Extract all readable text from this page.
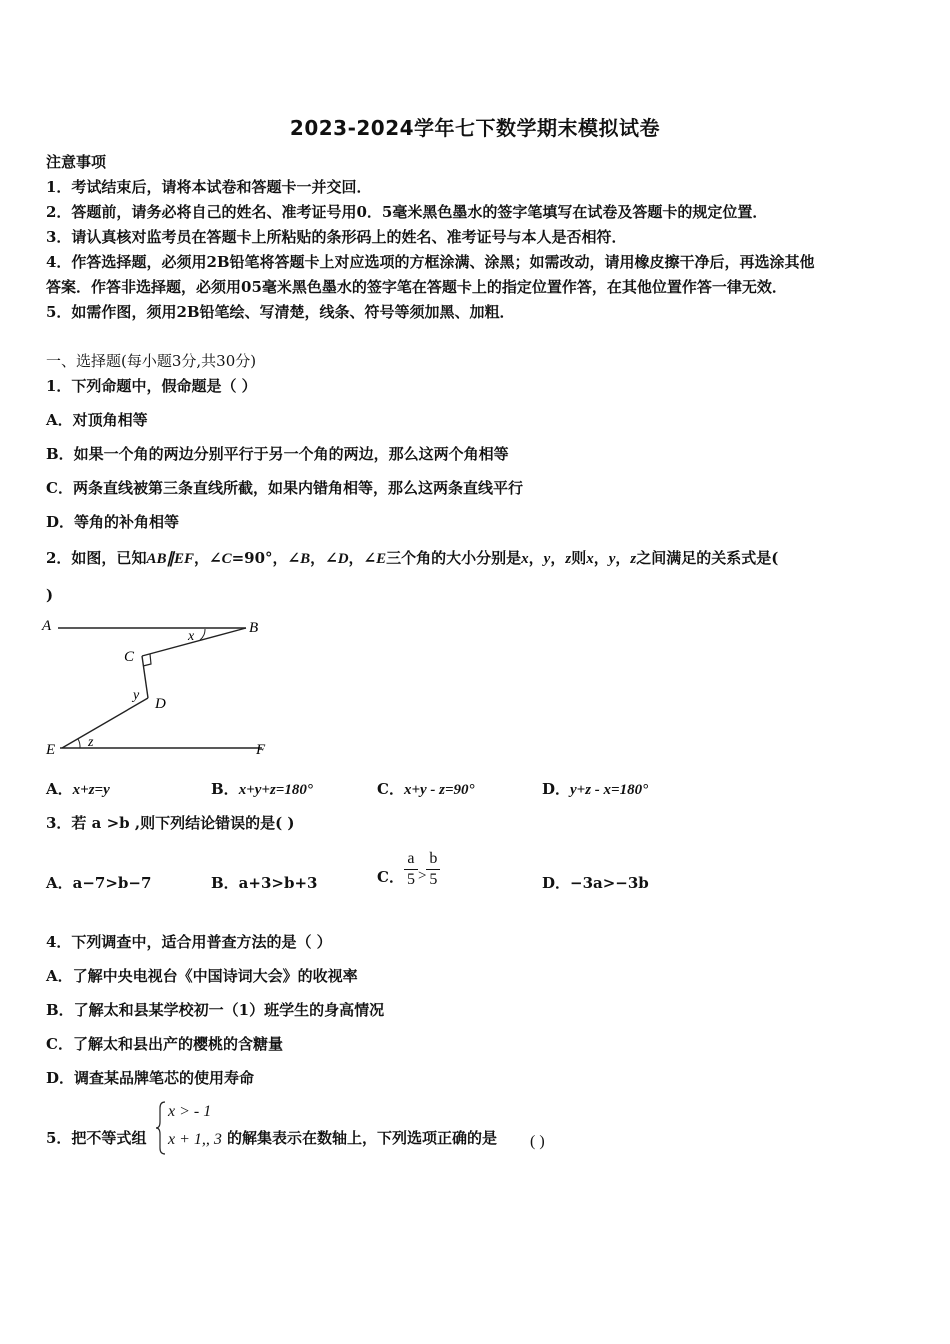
2023-2024学年七下数学期末模拟试卷
注意事项
1．考试结束后，请将本试卷和答题卡一并交回．
2．答题前，请务必将自己的姓名、准考证号用0．5毫米黑色墨水的签字笔填写在试卷及答题卡的规定位置．
3．请认真核对监考员在答题卡上所粘贴的条形码上的姓名、准考证号与本人是否相符．
4．作答选择题，必须用2B铅笔将答题卡上对应选项的方框涂满、涂黑；如需改动，请用橡皮擦干净后，再选涂其他
答案．作答非选择题，必须用05毫米黑色墨水的签字笔在答题卡上的指定位置作答，在其他位置作答一律无效．
5．如需作图，须用2B铅笔绘、写清楚，线条、符号等须加黑、加粗．
一、选择题(每小题3分,共30分)
1．下列命题中，假命题是（ ）
A．对顶角相等
B．如果一个角的两边分别平行于另一个角的两边，那么这两个角相等
C．两条直线被第三条直线所截，如果内错角相等，那么这两条直线平行
D．等角的补角相等
2．如图，已知AB∥EF，∠C=90°，∠B，∠D，∠E三个角的大小分别是x，y，z则x，y，z之间满足的关系式是(
)
A	B
C
D
E	F
x
y
z
A．x+z=y	B．x+y+z=180°	C．x+y - z=90°	D．y+z - x=180°
3．若 a >b ,则下列结论错误的是( )
A．a−7>b−7	B．a+3>b+3	C． $\frac{a}{5} > \frac{b}{5}$	D．−3a>−3b
4．下列调查中，适合用普查方法的是（ ）
A．了解中央电视台《中国诗词大会》的收视率
B．了解太和县某学校初一（1）班学生的身高情况
C．了解太和县出产的樱桃的含糖量
D．调查某品牌笔芯的使用寿命
5．把不等式组
x > - 1
x + 1,, 3 的解集表示在数轴上，下列选项正确的是 ( )
